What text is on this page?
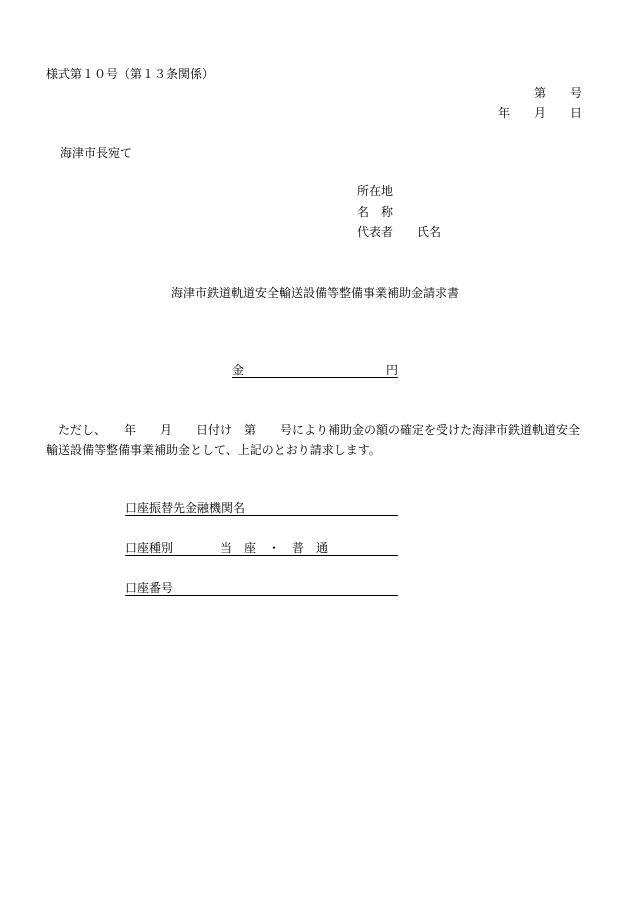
様式第１０号（第１３条関係）
第　　号
年　　月　　日
海津市長宛て
所在地
名　称
代表者　　氏名
海津市鉄道軌道安全輸送設備等整備事業補助金請求書
金	円
ただし、　　年　　月　　日付け　第　　号により補助金の額の確定を受けた海津市鉄道軌道安全
輸送設備等整備事業補助金として、上記のとおり請求します。
口座振替先金融機関名
口座種別	当　座　・　普　通
口座番号
